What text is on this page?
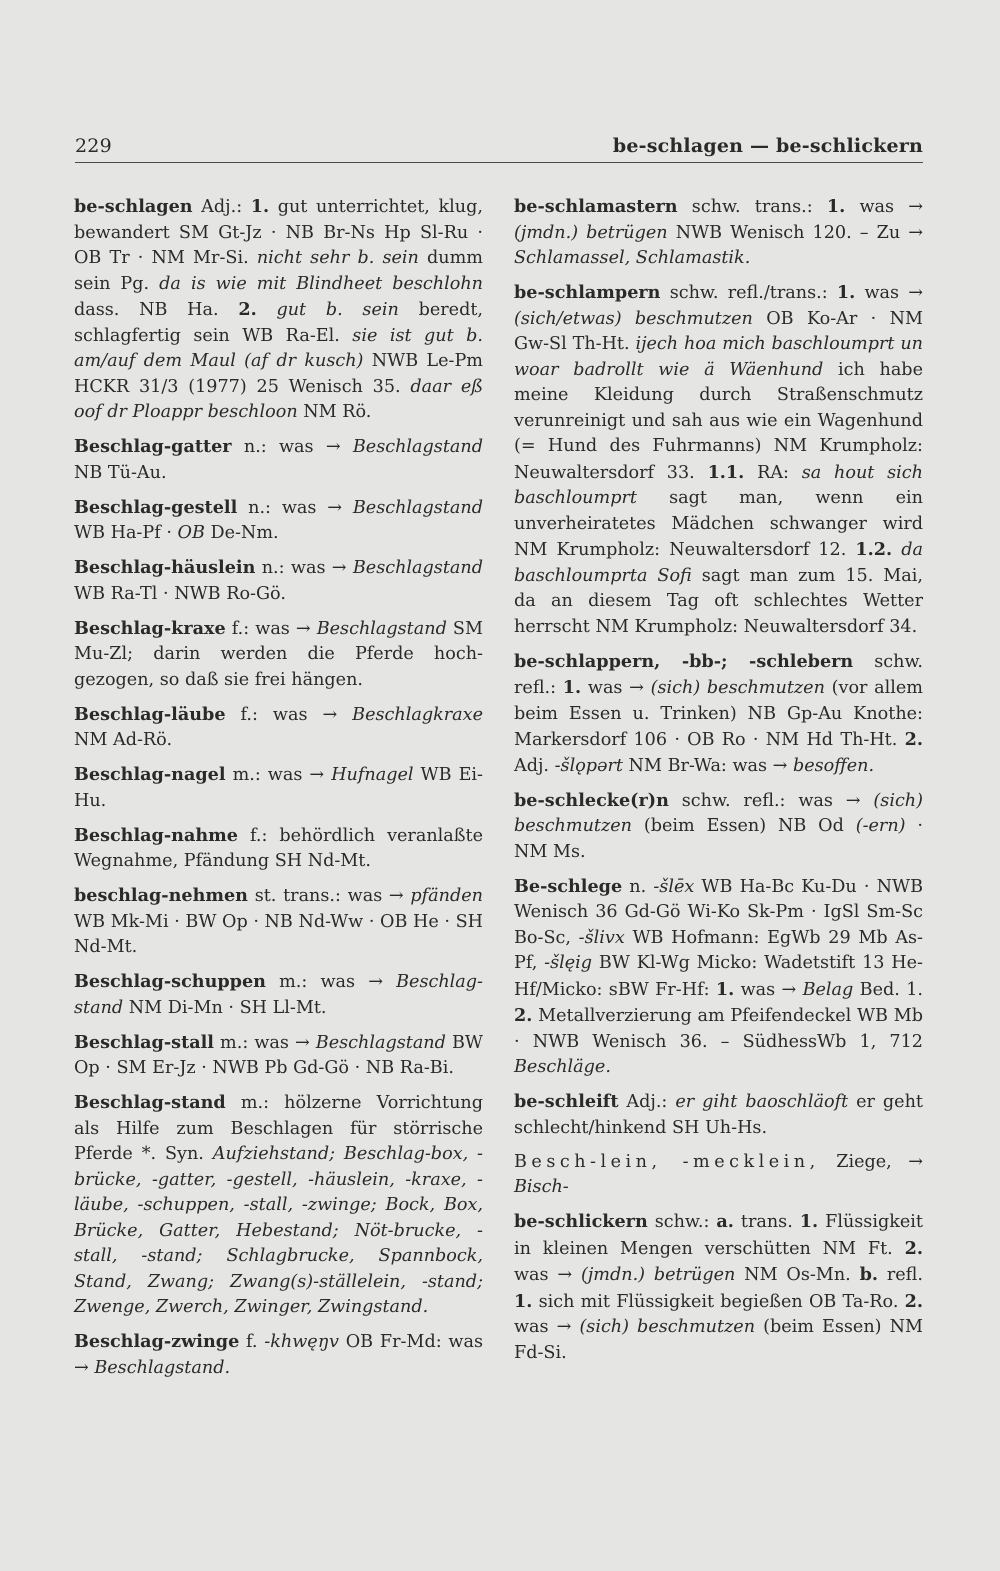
229	be-schlagen — be-schlickern

be-schlagen Adj.: 1. gut unterrichtet, klug, bewandert SM Gt-Jz · NB Br-Ns Hp Sl-Ru · OB Tr · NM Mr-Si. nicht sehr b. sein dumm sein Pg. da is wie mit Blindheet beschlohn dass. NB Ha. 2. gut b. sein beredt, schlagfertig sein WB Ra-El. sie ist gut b. am/auf dem Maul (af dr kusch) NWB Le-Pm HCKR 31/3 (1977) 25 Wenisch 35. daar eß oof dr Ploappr beschloon NM Rö.

Beschlag-gatter n.: was → Beschlagstand NB Tü-Au.

Beschlag-gestell n.: was → Beschlagstand WB Ha-Pf · OB De-Nm.

Beschlag-häuslein n.: was → Beschlagstand WB Ra-Tl · NWB Ro-Gö.

Beschlag-kraxe f.: was → Beschlagstand SM Mu-Zl; darin werden die Pferde hochgezogen, so daß sie frei hängen.

Beschlag-läube f.: was → Beschlagkraxe NM Ad-Rö.

Beschlag-nagel m.: was → Hufnagel WB Ei-Hu.

Beschlag-nahme f.: behördlich veranlaßte Wegnahme, Pfändung SH Nd-Mt.

beschlag-nehmen st. trans.: was → pfänden WB Mk-Mi · BW Op · NB Nd-Ww · OB He · SH Nd-Mt.

Beschlag-schuppen m.: was → Beschlagstand NM Di-Mn · SH Ll-Mt.

Beschlag-stall m.: was → Beschlagstand BW Op · SM Er-Jz · NWB Pb Gd-Gö · NB Ra-Bi.

Beschlag-stand m.: hölzerne Vorrichtung als Hilfe zum Beschlagen für störrische Pferde *. Syn. Aufziehstand; Beschlag-box, -brücke, -gatter, -gestell, -häuslein, -kraxe, -läube, -schuppen, -stall, -zwinge; Bock, Box, Brücke, Gatter, Hebestand; Nöt-brucke, -stall, -stand; Schlagbrucke, Spannbock, Stand, Zwang; Zwang(s)-ställelein, -stand; Zwenge, Zwerch, Zwinger, Zwingstand.

Beschlag-zwinge f. -khwęŋv OB Fr-Md: was → Beschlagstand.

be-schlamastern schw. trans.: 1. was → (jmdn.) betrügen NWB Wenisch 120. – Zu → Schlamassel, Schlamastik.

be-schlampern schw. refl./trans.: 1. was → (sich/etwas) beschmutzen OB Ko-Ar · NM Gw-Sl Th-Ht. ijech hoa mich baschloumprt un woar badrollt wie ä Wäenhund ich habe meine Kleidung durch Straßenschmutz verunreinigt und sah aus wie ein Wagenhund (= Hund des Fuhrmanns) NM Krumpholz: Neuwaltersdorf 33. 1.1. RA: sa hout sich baschloumprt sagt man, wenn ein unverheiratetes Mädchen schwanger wird NM Krumpholz: Neuwaltersdorf 12. 1.2. da baschloumprta Sofi sagt man zum 15. Mai, da an diesem Tag oft schlechtes Wetter herrscht NM Krumpholz: Neuwaltersdorf 34.

be-schlappern, -bb-; -schlebern schw. refl.: 1. was → (sich) beschmutzen (vor allem beim Essen u. Trinken) NB Gp-Au Knothe: Markersdorf 106 · OB Ro · NM Hd Th-Ht. 2. Adj. -šlǫpərt NM Br-Wa: was → besoffen.

be-schlecke(r)n schw. refl.: was → (sich) beschmutzen (beim Essen) NB Od (-ern) · NM Ms.

Be-schlege n. -šlēx WB Ha-Bc Ku-Du · NWB Wenisch 36 Gd-Gö Wi-Ko Sk-Pm · IgSl Sm-Sc Bo-Sc, -šlivx WB Hofmann: EgWb 29 Mb As-Pf, -šlęig BW Kl-Wg Micko: Wadetstift 13 He-Hf/Micko: sBW Fr-Hf: 1. was → Belag Bed. 1. 2. Metallverzierung am Pfeifendeckel WB Mb · NWB Wenisch 36. – SüdhessWb 1, 712 Beschläge.

be-schleift Adj.: er giht baoschläoft er geht schlecht/hinkend SH Uh-Hs.

Besch-lein, -mecklein, Ziege, → Bisch-

be-schlickern schw.: a. trans. 1. Flüssigkeit in kleinen Mengen verschütten NM Ft. 2. was → (jmdn.) betrügen NM Os-Mn. b. refl. 1. sich mit Flüssigkeit begießen OB Ta-Ro. 2. was → (sich) beschmutzen (beim Essen) NM Fd-Si.
